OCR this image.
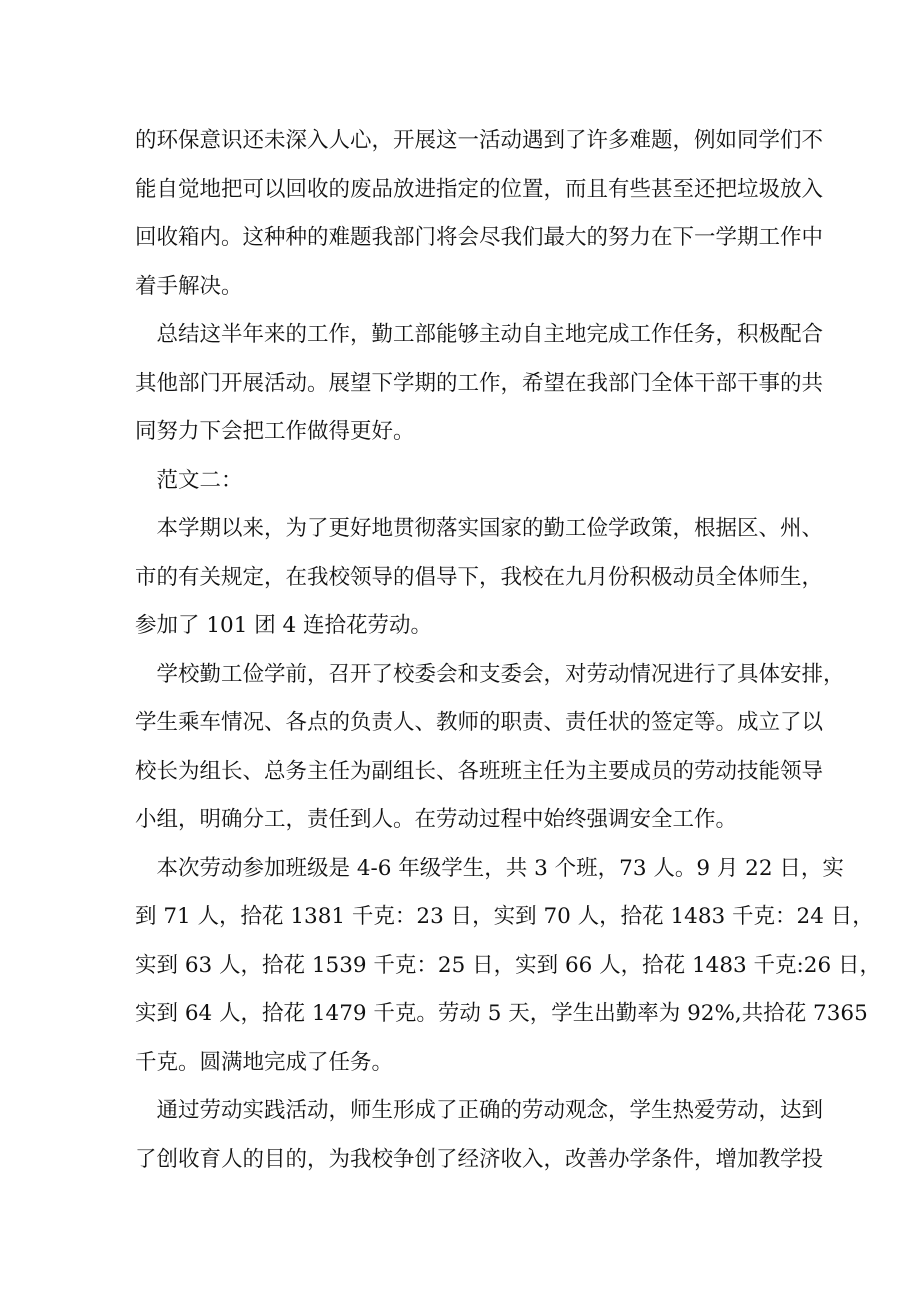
的环保意识还未深入人心，开展这一活动遇到了许多难题，例如同学们不
能自觉地把可以回收的废品放进指定的位置，而且有些甚至还把垃圾放入
回收箱内。这种种的难题我部门将会尽我们最大的努力在下一学期工作中
着手解决。
　总结这半年来的工作，勤工部能够主动自主地完成工作任务，积极配合
其他部门开展活动。展望下学期的工作，希望在我部门全体干部干事的共
同努力下会把工作做得更好。
　范文二：
　本学期以来，为了更好地贯彻落实国家的勤工俭学政策，根据区、州、
市的有关规定，在我校领导的倡导下，我校在九月份积极动员全体师生，
参加了 101 团 4 连拾花劳动。
　学校勤工俭学前，召开了校委会和支委会，对劳动情况进行了具体安排，
学生乘车情况、各点的负责人、教师的职责、责任状的签定等。成立了以
校长为组长、总务主任为副组长、各班班主任为主要成员的劳动技能领导
小组，明确分工，责任到人。在劳动过程中始终强调安全工作。
　本次劳动参加班级是 4-6 年级学生，共 3 个班，73 人。9 月 22 日，实
到 71 人，拾花 1381 千克：23 日，实到 70 人，拾花 1483 千克：24 日，
实到 63 人，拾花 1539 千克：25 日，实到 66 人，拾花 1483 千克:26 日，
实到 64 人，拾花 1479 千克。劳动 5 天，学生出勤率为 92%,共拾花 7365
千克。圆满地完成了任务。
　通过劳动实践活动，师生形成了正确的劳动观念，学生热爱劳动，达到
了创收育人的目的，为我校争创了经济收入，改善办学条件，增加教学投
